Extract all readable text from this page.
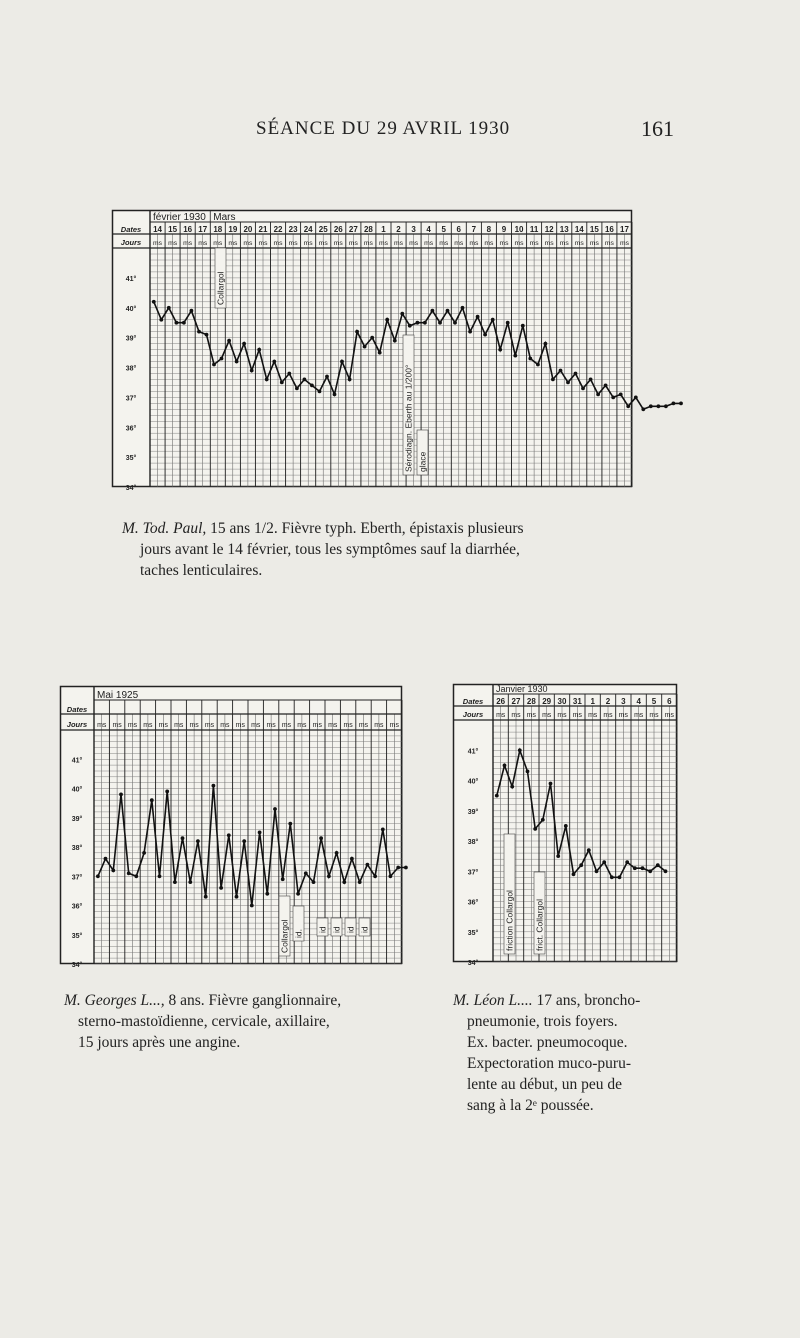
SÉANCE DU 29 AVRIL 1930	161
Dates
Jours
février 1930 Mars
14
ms
15
ms
16
ms
17
ms
18
ms
19
ms
20
ms
21
ms
22
ms
23
ms
24
ms
25
ms
26
ms
27
ms
28
ms
1
ms
2
ms
3
ms
4
ms
5
ms
6
ms
7
ms
8
ms
9
ms
10
ms
11
ms
12
ms
13
ms
14
ms
15
ms
16
ms
17
ms
41°
40°
39°
38°
37°
36°
35°
34°
Collargol
Sérodiagn. Eberth au 1/200° glace
Dates
Jours
Mai 1925
ms ms ms ms ms ms ms ms ms ms ms ms ms ms ms ms ms ms ms ms
41°
40°
39°
38°
37°
36°
35°
34°
Collargol id. id id id id
Dates
Jours
Janvier 1930
26
ms
27
ms
28
ms
29
ms
30
ms
31
ms
1
ms
2
ms
3
ms
4
ms
5
ms
6
ms
41°
40°
39°
38°
37°
36°
35°
34°
friction Collargol frict. Collargol

M. Tod. Paul, 15 ans 1/2. Fièvre typh. Eberth, épistaxis plusieurs

jours avant le 14 février, tous les symptômes sauf la diarrhée,

taches lenticulaires.

M. Georges L..., 8 ans. Fièvre ganglionnaire,

sterno-mastoïdienne, cervicale, axillaire,

15 jours après une angine.

M. Léon L.... 17 ans, broncho-

pneumonie, trois foyers.

Ex. bacter. pneumocoque.

Expectoration muco-puru-

lente au début, un peu de

sang à la 2ᵉ poussée.
